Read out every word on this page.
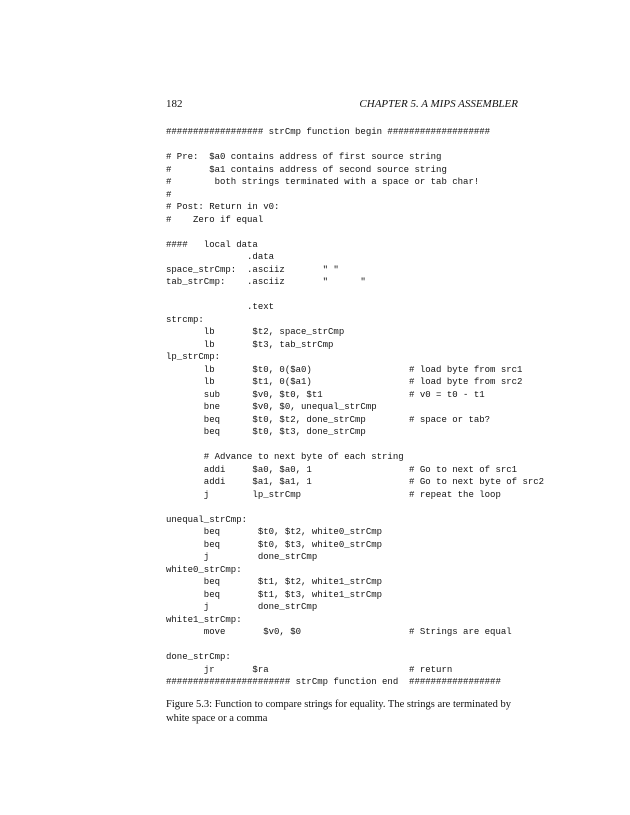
182	CHAPTER 5. A MIPS ASSEMBLER
################## strCmp function begin ###################

# Pre:  $a0 contains address of first source string
#       $a1 contains address of second source string
#        both strings terminated with a space or tab char!
#
# Post: Return in v0:
#    Zero if equal

####   local data
.data
space_strCmp:  .asciiz       " "
tab_strCmp:    .asciiz       "      "

.text
strcmp:
lb       $t2, space_strCmp
lb       $t3, tab_strCmp
lp_strCmp:
lb       $t0, 0($a0)                  # load byte from src1
lb       $t1, 0($a1)                  # load byte from src2
sub      $v0, $t0, $t1                # v0 = t0 - t1
bne      $v0, $0, unequal_strCmp
beq      $t0, $t2, done_strCmp        # space or tab?
beq      $t0, $t3, done_strCmp

# Advance to next byte of each string
addi     $a0, $a0, 1                  # Go to next of src1
addi     $a1, $a1, 1                  # Go to next byte of src2
j        lp_strCmp                    # repeat the loop

unequal_strCmp:
beq       $t0, $t2, white0_strCmp
beq       $t0, $t3, white0_strCmp
j         done_strCmp
white0_strCmp:
beq       $t1, $t2, white1_strCmp
beq       $t1, $t3, white1_strCmp
j         done_strCmp
white1_strCmp:
move       $v0, $0                    # Strings are equal

done_strCmp:
jr       $ra                          # return
####################### strCmp function end  #################
Figure 5.3: Function to compare strings for equality. The strings are terminated by white space or a comma
